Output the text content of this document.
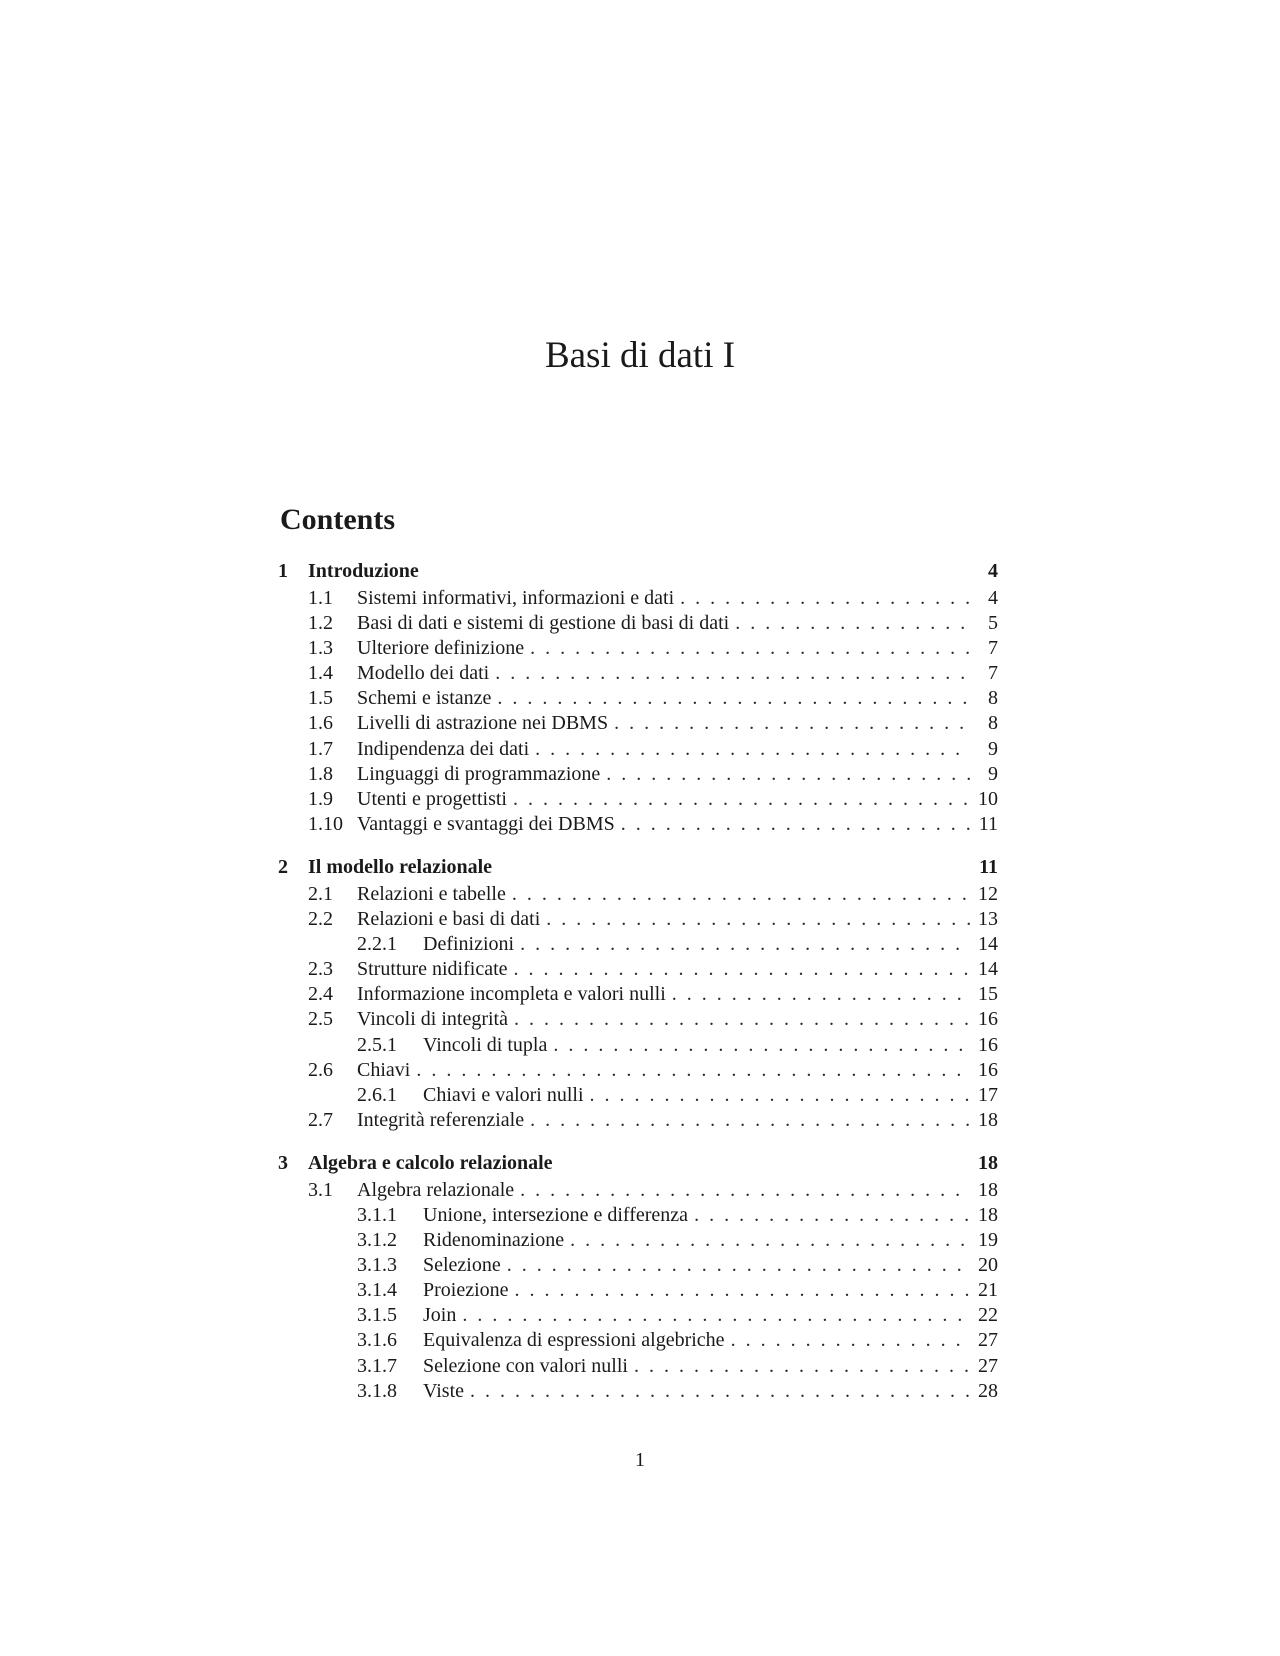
Basi di dati I
Contents
1	Introduzione	4
1.1	Sistemi informativi, informazioni e dati . . .	4
1.2	Basi di dati e sistemi di gestione di basi di dati . . .	5
1.3	Ulteriore definizione . . .	7
1.4	Modello dei dati . . .	7
1.5	Schemi e istanze . . .	8
1.6	Livelli di astrazione nei DBMS . . .	8
1.7	Indipendenza dei dati . . .	9
1.8	Linguaggi di programmazione . . .	9
1.9	Utenti e progettisti . . .	10
1.10 Vantaggi e svantaggi dei DBMS . . .	11
2	Il modello relazionale	11
2.1	Relazioni e tabelle . . .	12
2.2	Relazioni e basi di dati . . .	13
2.2.1	Definizioni . . .	14
2.3	Strutture nidificate . . .	14
2.4	Informazione incompleta e valori nulli . . .	15
2.5	Vincoli di integrità . . .	16
2.5.1	Vincoli di tupla . . .	16
2.6	Chiavi . . .	16
2.6.1	Chiavi e valori nulli . . .	17
2.7	Integrità referenziale . . .	18
3	Algebra e calcolo relazionale	18
3.1	Algebra relazionale . . .	18
3.1.1	Unione, intersezione e differenza . . .	18
3.1.2	Ridenominazione . . .	19
3.1.3	Selezione . . .	20
3.1.4	Proiezione . . .	21
3.1.5	Join . . .	22
3.1.6	Equivalenza di espressioni algebriche . . .	27
3.1.7	Selezione con valori nulli . . .	27
3.1.8	Viste . . .	28
1
